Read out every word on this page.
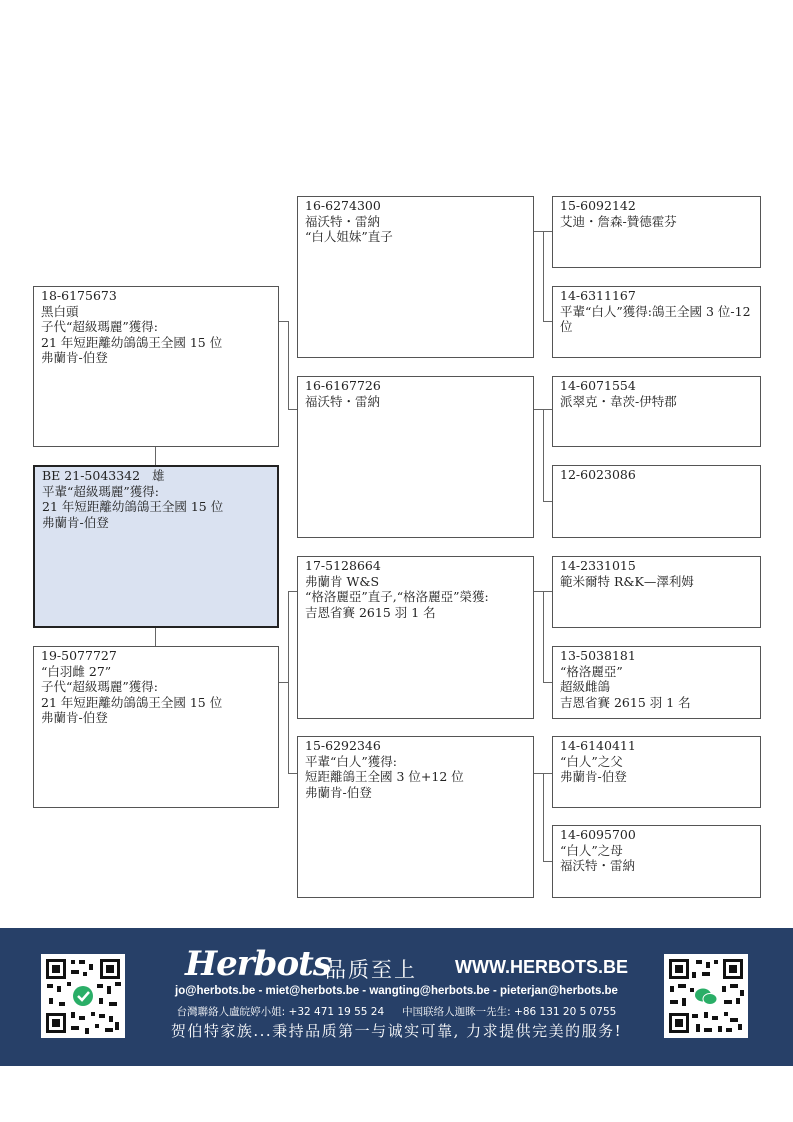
18-6175673
黑白頭
子代“超級瑪麗”獲得:
21 年短距離幼鴿鴿王全國 15 位
弗蘭肯-伯登
BE 21-5043342   雄
平輩“超級瑪麗”獲得:
21 年短距離幼鴿鴿王全國 15 位
弗蘭肯-伯登
19-5077727
“白羽雌 27”
子代“超級瑪麗”獲得:
21 年短距離幼鴿鴿王全國 15 位
弗蘭肯-伯登
16-6274300
福沃特・雷納
“白人姐妹”直子
16-6167726
福沃特・雷納
17-5128664
弗蘭肯 W&S
“格洛麗亞”直子,“格洛麗亞”榮獲:
吉恩省賽 2615 羽 1 名
15-6292346
平輩“白人”獲得:
短距離鴿王全國 3 位+12 位
弗蘭肯-伯登
15-6092142
艾迪・詹森-贊德霍芬
14-6311167
平輩“白人”獲得:鴿王全國 3 位-12 位
14-6071554
派翠克・韋茨-伊特郡
12-6023086
14-2331015
範米爾特 R&K—澤利姆
13-5038181
“格洛麗亞”
超級雌鴿
吉恩省賽 2615 羽 1 名
14-6140411
“白人”之父
弗蘭肯-伯登
14-6095700
“白人”之母
福沃特・雷納
Herbots
品质至上 WWW.HERBOTS.BE
jo@herbots.be - miet@herbots.be - wangting@herbots.be - pieterjan@herbots.be
台灣聯絡人盧皖婷小姐: +32 471 19 55 24 中国联络人迦眯一先生: +86 131 20 5 0755
贺伯特家族...秉持品质第一与诚实可靠, 力求提供完美的服务!
